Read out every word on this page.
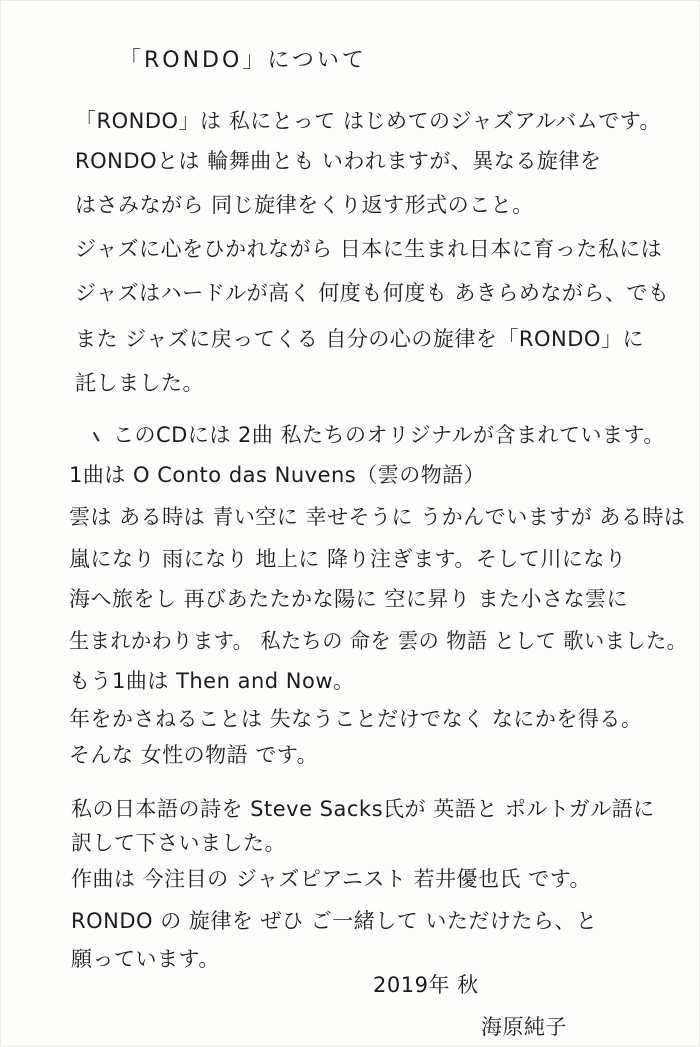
「RONDO」について
「RONDO」は 私にとって はじめてのジャズアルバムです。
RONDOとは 輪舞曲とも いわれますが、異なる旋律を
はさみながら 同じ旋律をくり返す形式のこと。
ジャズに心をひかれながら 日本に生まれ日本に育った私には
ジャズはハードルが高く 何度も何度も あきらめながら、でも
また ジャズに戻ってくる 自分の心の旋律を「RONDO」に
託しました。
このCDには 2曲 私たちのオリジナルが含まれています。
1曲は O Conto das Nuvens（雲の物語）
雲は ある時は 青い空に 幸せそうに うかんでいますが ある時は
嵐になり 雨になり 地上に 降り注ぎます。そして川になり
海へ旅をし 再びあたたかな陽に 空に昇り また小さな雲に
生まれかわります。 私たちの 命を 雲の 物語 として 歌いました。
もう1曲は Then and Now。
年をかさねることは 失なうことだけでなく なにかを得る。
そんな 女性の物語 です。
私の日本語の詩を Steve Sacks氏が 英語と ポルトガル語に
訳して下さいました。
作曲は 今注目の ジャズピアニスト 若井優也氏 です。
RONDO の 旋律を ぜひ ご一緒して いただけたら、と
願っています。
2019年 秋
海原純子
